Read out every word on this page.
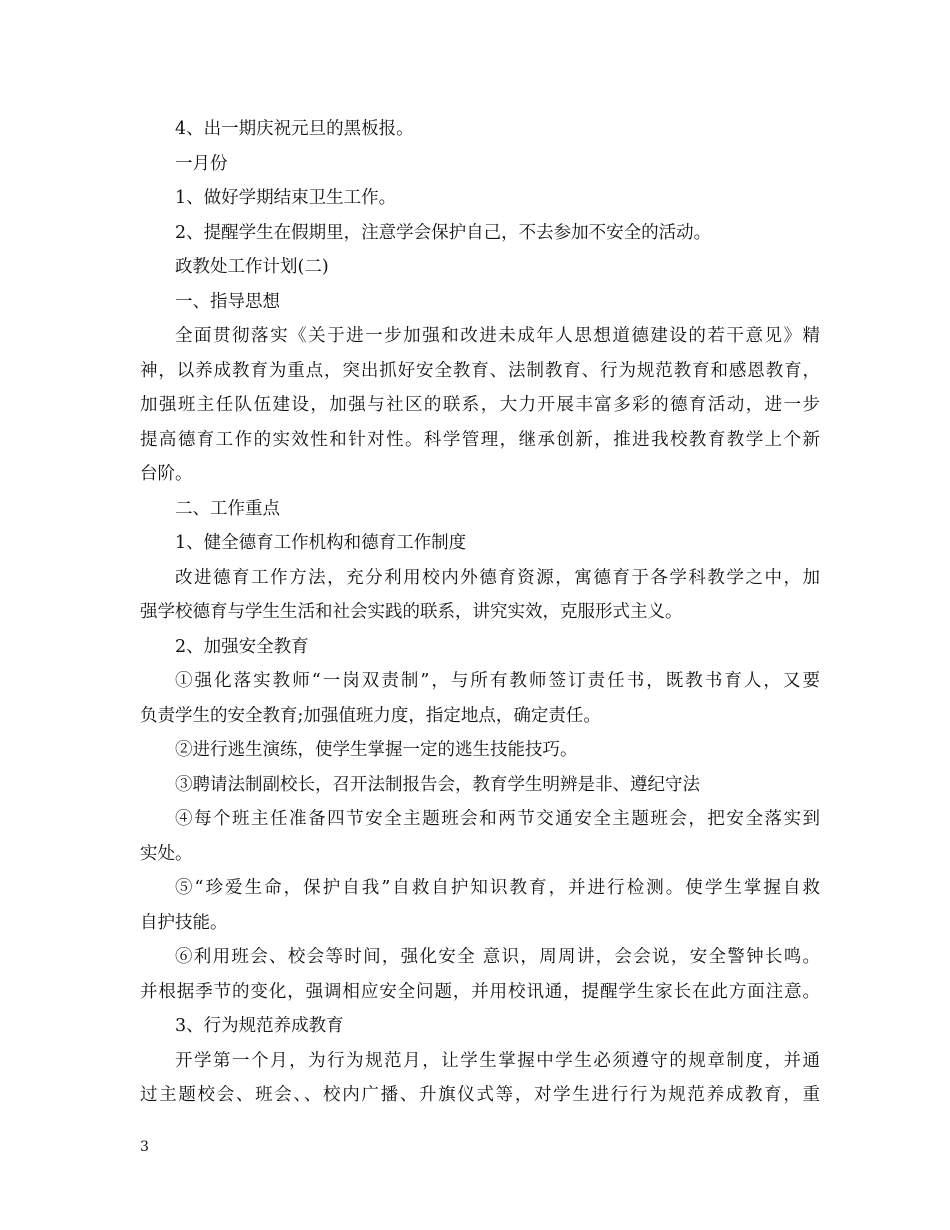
4、出一期庆祝元旦的黑板报。

一月份

1、做好学期结束卫生工作。

2、提醒学生在假期里，注意学会保护自己，不去参加不安全的活动。

政教处工作计划(二)

一、指导思想

全面贯彻落实《关于进一步加强和改进未成年人思想道德建设的若干意见》精

神，以养成教育为重点，突出抓好安全教育、法制教育、行为规范教育和感恩教育，

加强班主任队伍建设，加强与社区的联系，大力开展丰富多彩的德育活动，进一步

提高德育工作的实效性和针对性。科学管理，继承创新，推进我校教育教学上个新

台阶。

二、工作重点

1、健全德育工作机构和德育工作制度

改进德育工作方法，充分利用校内外德育资源，寓德育于各学科教学之中，加

强学校德育与学生生活和社会实践的联系，讲究实效，克服形式主义。

2、加强安全教育

①强化落实教师“一岗双责制”，与所有教师签订责任书，既教书育人，又要

负责学生的安全教育;加强值班力度，指定地点，确定责任。

②进行逃生演练，使学生掌握一定的逃生技能技巧。

③聘请法制副校长，召开法制报告会，教育学生明辨是非、遵纪守法

④每个班主任准备四节安全主题班会和两节交通安全主题班会，把安全落实到

实处。

⑤“珍爱生命，保护自我”自救自护知识教育，并进行检测。使学生掌握自救

自护技能。

⑥利用班会、校会等时间，强化安全 意识，周周讲，会会说，安全警钟长鸣。

并根据季节的变化，强调相应安全问题，并用校讯通，提醒学生家长在此方面注意。

3、行为规范养成教育

开学第一个月，为行为规范月，让学生掌握中学生必须遵守的规章制度，并通

过主题校会、班会、、校内广播、升旗仪式等，对学生进行行为规范养成教育，重

3
